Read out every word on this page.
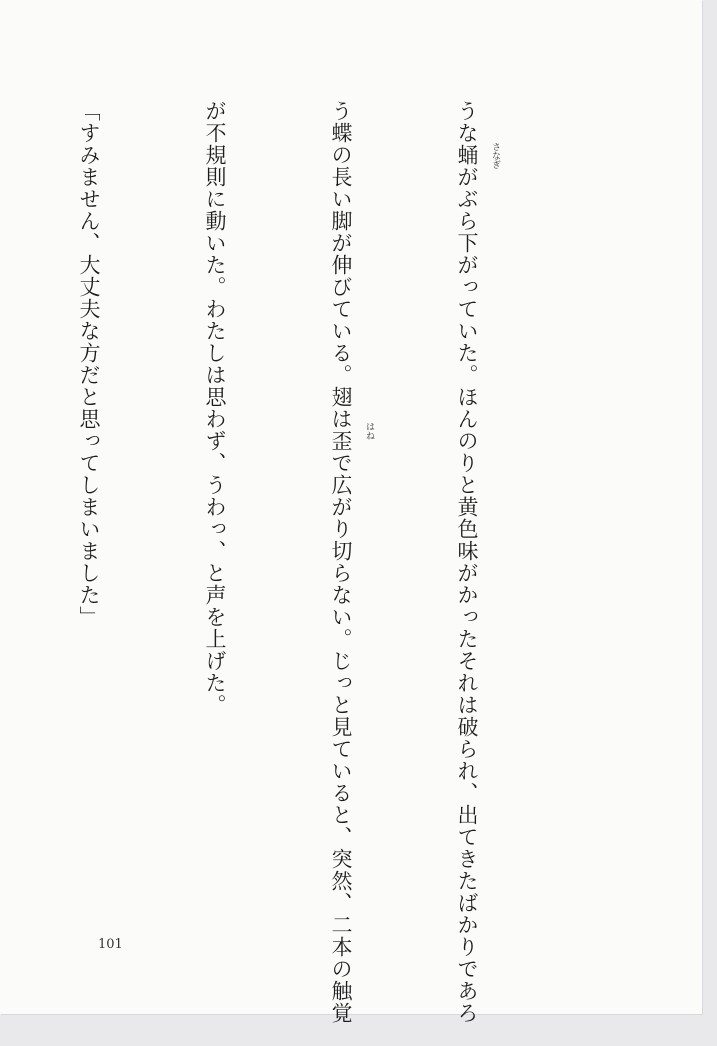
うな蛹がぶら下がっていた。ほんのりと黄色味がかったそれは破られ、出てきたばかりであろ さなぎ

う蝶の長い脚が伸びている。翅は歪で広がり切らない。じっと見ていると、突然、二本の触覚 はね

が不規則に動いた。わたしは思わず、うわっ、と声を上げた。

「すみません、大丈夫な方だと思ってしまいました」

101
